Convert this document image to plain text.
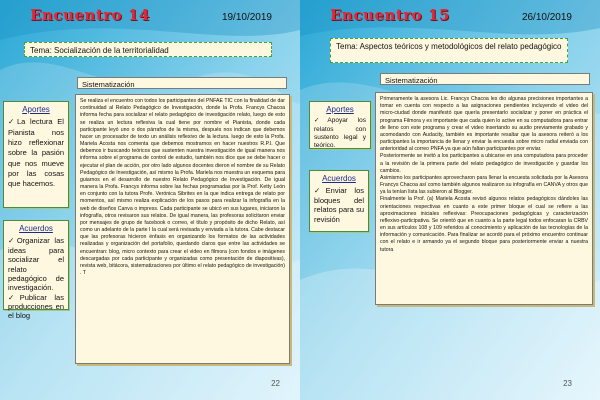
Encuentro 14	19/10/2019
Tema: Socialización de la territorialidad
Sistematización
Aportes
✓ La lectura El Pianista nos hizo reflexionar sobre la pasión que nos mueve por las cosas que hacemos.
Acuerdos
✓ Organizar las ideas para socializar el relato pedagógico de investigación.
✓ Publicar las producciones en el blog
Se realiza el encuentro con todos los participantes del PNFAE TIC con la finalidad de dar continuidad al Relato Pedagógico de Investigación, donde la Profa. Francys Chacoa informa fecha para socializar el relato pedagógico de investigación relato, luego de esto se realiza un lectura reflexiva la cual tiene por nombre el Pianista, donde cada participante leyó uno o dos párrafos de la misma, después nos indican que debemos hacer un procesador de texto un análisis reflexivo de la lectura. luego de esto la Profa. Mariela Acosta nos comenta que debemos mostrarnos en hacer nuestros R.P.I. Que debemos ir buscando teóricos que sustenten nuestra investigación de igual manera nos informa sobre el programa de control de estudio, también nos dice que se debe hacer o ejecutar el plan de acción, por otro lado algunos docentes dieron el nombre de su Relato Pedagógico de Investigación, así mismo la Profa. Mariela nos muestra un esquema para guiarnos en el desarrollo de nuestro Relato Pedagógico de Investigación. De igual manera la Profa. Francys informa sobre las fechas programadas por la Prof. Ketty León en conjunto con la tutora Profe. Verónica Sibrites en la que indica entrega de relato por momentos, así mismo realiza explicación de los pasos para realizar la infografía en la web de diseños Canva o impress. Cada participante se ubicó en sus lugares, iniciaron la infografía, otros revisaron sus relatos. De igual manera, las profesoras solicitaron enviar por mensajes de grupo de facebook o correo, el título y propósito de dicho Relato, así como un adelanto de la parte I la cual será revisada y enviada a la tutora. Cabe destacar que las profesoras hicieron énfasis en organizando los formatos de las actividades realizadas y organización del portafolio, quedando claros que entre las actividades se encuentran: blog, micro contexto para crear el video en filmora (con fondos e imágenes descargadas por cada participante y organizadas como presentación de diapositivas), revista web, bitácora, sistematizaciones por último el relato pedagógico de investigación) . T
22
Encuentro 15	26/10/2019
Tema: Aspectos teóricos y metodológicos del relato pedagógico
Sistematización
Aportes
✓ Apoyar los relatos con sustento legal y teórico.
Acuerdos
✓ Enviar los bloques del relatos para su revisión
Primeramente la asesora Lic. Francys Chacoa les dio algunas precisiones importantes a tomar en cuenta con respecto a las asignaciones pendientes incluyendo el video del micro-ciudad donde manifestó que quería presentarlo socializar y poner en práctica el programa Filmora y es importante que cada quien lo active en su computadora para entrar de lleno con este programa y crear el video insertando su audio previamente grabado y acomodando con Audacity, también es importante resaltar que la asesora reiteró a los participantes la importancia de llenar y enviar la encuesta sobre micro radial enviada con anterioridad al correo PNFA ya que aún faltan participantes por enviar.
Posteriormente se invitó a los participantes a ubicarse en una computadora para proceder a la revisión de la primera parte del relato pedagógico de investigación y guardar los cambios.
Asimismo los participantes aprovecharon para llenar la encuesta solicitada por la Asesora Francys Chacoa así como también algunos realizaron su infografía en CANVA y otros que ya la tenían lista las subieron al Blogger.
Finalmente la Prof. (a) Mariela Acosta revisó algunos relatos pedagógicos dándoles las orientaciones respectivas en cuanto a este primer bloque el cual se refiere a las aproximaciones iniciales reflexivas: Preocupaciones pedagógicas y caracterización reflexivo-participativa. Se orientó que en cuanto a la parte legal todos enfocaran la CRBV en sus artículos 108 y 109 referidos al conocimiento y aplicación de las tecnologías de la información y comunicación. Para finalizar se acordó para el próximo encuentro continuar con el relato e ir armando ya el segundo bloque para posteriormente enviar a nuestra tutora
23
